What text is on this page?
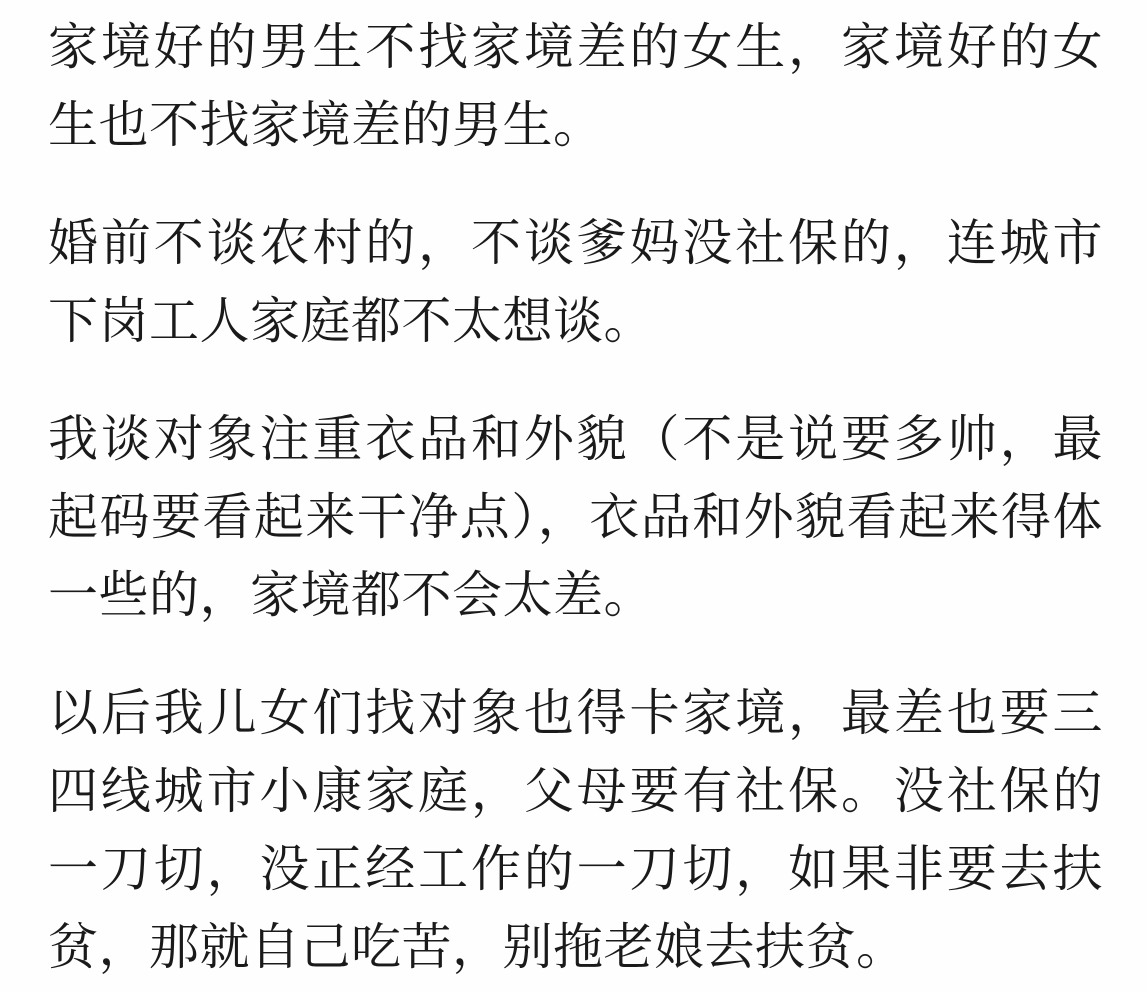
家境好的男生不找家境差的女生，家境好的女生也不找家境差的男生。

婚前不谈农村的，不谈爹妈没社保的，连城市下岗工人家庭都不太想谈。

我谈对象注重衣品和外貌（不是说要多帅，最起码要看起来干净点），衣品和外貌看起来得体一些的，家境都不会太差。

以后我儿女们找对象也得卡家境，最差也要三四线城市小康家庭，父母要有社保。没社保的一刀切，没正经工作的一刀切，如果非要去扶贫，那就自己吃苦，别拖老娘去扶贫。
